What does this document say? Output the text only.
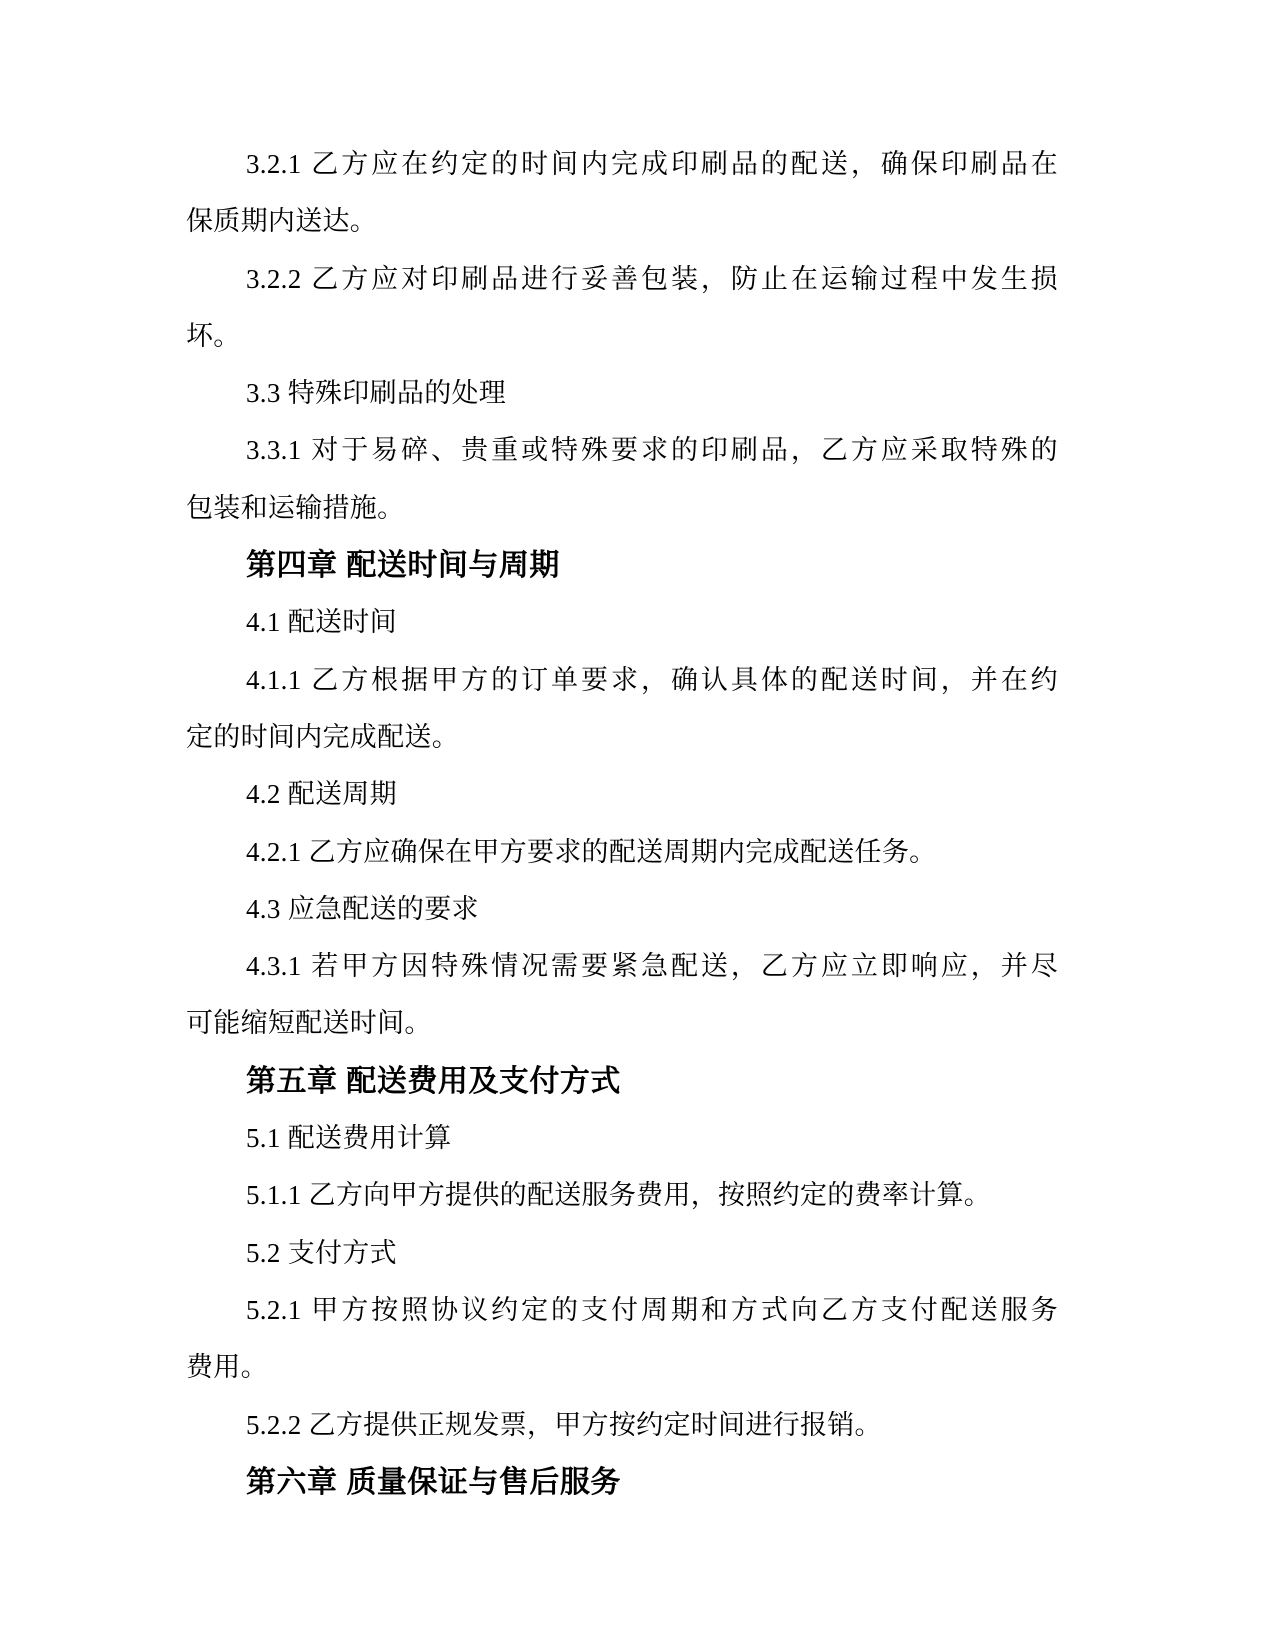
3.2.1 乙方应在约定的时间内完成印刷品的配送，确保印刷品在
保质期内送达。
3.2.2 乙方应对印刷品进行妥善包装，防止在运输过程中发生损
坏。
3.3 特殊印刷品的处理
3.3.1 对于易碎、贵重或特殊要求的印刷品，乙方应采取特殊的
包装和运输措施。
第四章 配送时间与周期
4.1 配送时间
4.1.1 乙方根据甲方的订单要求，确认具体的配送时间，并在约
定的时间内完成配送。
4.2 配送周期
4.2.1 乙方应确保在甲方要求的配送周期内完成配送任务。
4.3 应急配送的要求
4.3.1 若甲方因特殊情况需要紧急配送，乙方应立即响应，并尽
可能缩短配送时间。
第五章 配送费用及支付方式
5.1 配送费用计算
5.1.1 乙方向甲方提供的配送服务费用，按照约定的费率计算。
5.2 支付方式
5.2.1 甲方按照协议约定的支付周期和方式向乙方支付配送服务
费用。
5.2.2 乙方提供正规发票，甲方按约定时间进行报销。
第六章 质量保证与售后服务
